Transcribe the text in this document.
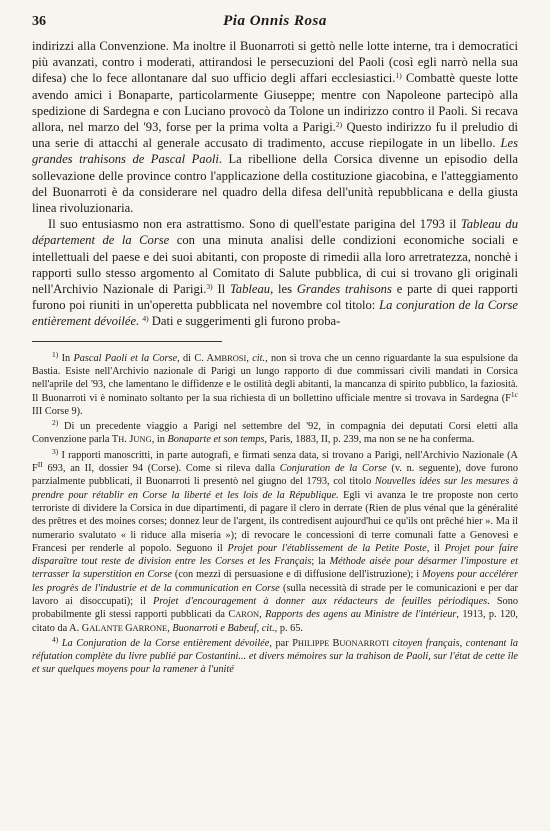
36	Pia Onnis Rosa

indirizzi alla Convenzione. Ma inoltre il Buonarroti si gettò nelle lotte interne, tra i democratici più avanzati, contro i moderati, attirandosi le persecuzioni del Paoli (così egli narrò nella sua difesa) che lo fece allontanare dal suo ufficio degli affari ecclesiastici.$^{1)}$ Combattè queste lotte avendo amici i Bonaparte, particolarmente Giuseppe; mentre con Napoleone partecipò alla spedizione di Sardegna e con Luciano provocò da Tolone un indirizzo contro il Paoli. Si recava allora, nel marzo del '93, forse per la prima volta a Parigi.$^{2)}$ Questo indirizzo fu il preludio di una serie di attacchi al generale accusato di tradimento, accuse riepilogate in un libello. Les grandes trahisons de Pascal Paoli. La ribellione della Corsica divenne un episodio della sollevazione delle province contro l'applicazione della costituzione giacobina, e l'atteggiamento del Buonarroti è da considerare nel quadro della difesa dell'unità repubblicana e della giusta linea rivoluzionaria.

Il suo entusiasmo non era astrattismo. Sono di quell'estate parigina del 1793 il Tableau du département de la Corse con una minuta analisi delle condizioni economiche sociali e intellettuali del paese e dei suoi abitanti, con proposte di rimedii alla loro arretratezza, nonchè i rapporti sullo stesso argomento al Comitato di Salute pubblica, di cui si trovano gli originali nell'Archivio Nazionale di Parigi.$^{3)}$ Il Tableau, les Grandes trahisons e parte di quei rapporti furono poi riuniti in un'operetta pubblicata nel novembre col titolo: La conjuration de la Corse entièrement dévoilée. $^{4)}$ Dati e suggerimenti gli furono proba-

$^{1)}$ In Pascal Paoli et la Corse, di C. AMBROSI, cit., non si trova che un cenno riguardante la sua espulsione da Bastia. Esiste nell'Archivio nazionale di Parigi un lungo rapporto di due commissari civili mandati in Corsica nell'aprile del '93, che lamentano le diffidenze e le ostilità degli abitanti, la mancanza di spirito pubblico, la faziosità. Il Buonarroti vi è nominato soltanto per la sua richiesta di un bollettino ufficiale mentre si trovava in Sardegna ($F^{1c}$ III Corse 9).

$^{2)}$ Di un precedente viaggio a Parigi nel settembre del '92, in compagnia dei deputati Corsi eletti alla Convenzione parla TH. JUNG, in Bonaparte et son temps, Paris, 1883, II, p. 239, ma non se ne ha conferma.

$^{3)}$ I rapporti manoscritti, in parte autografi, e firmati senza data, si trovano a Parigi, nell'Archivio Nazionale (A $F^{II}$ 693, an II, dossier 94 (Corse). Come si rileva dalla Conjuration de la Corse (v. n. seguente), dove furono parzialmente pubblicati, il Buonarroti li presentò nel giugno del 1793, col titolo Nouvelles idées sur les mesures à prendre pour rétablir en Corse la liberté et les lois de la République. Egli vi avanza le tre proposte non certo terroriste di dividere la Corsica in due dipartimenti, di pagare il clero in derrate (Rien de plus vénal que la généralité des prêtres et des moines corses; donnez leur de l'argent, ils contredisent aujourd'hui ce qu'ils ont prêché hier ». Ma il numerario svalutato « li riduce alla miseria »); di revocare le concessioni di terre comunali fatte a Genovesi e Francesi per renderle al popolo. Seguono il Projet pour l'établissement de la Petite Poste, il Projet pour faire disparaître tout reste de division entre les Corses et les Français; la Méthode aisée pour désarmer l'imposture et terrasser la superstition en Corse (con mezzi di persuasione e di diffusione dell'istruzione); i Moyens pour accélérer les progrès de l'industrie et de la communication en Corse (sulla necessità di strade per le comunicazioni e per dar lavoro ai disoccupati); il Projet d'encouragement à donner aux rédacteurs de feuilles périodiques. Sono probabilmente gli stessi rapporti pubblicati da CARON, Rapports des agens au Ministre de l'intérieur, 1913, p. 120, citato da A. GALANTE GARRONE, Buonarroti e Babeuf, cit., p. 65.

$^{4)}$ La Conjuration de la Corse entièrement dévoilée, par PHILIPPE BUONARROTI citoyen français, contenant la réfutation complète du livre publié par Costantini... et divers mémoires sur la trahison de Paoli, sur l'état de cette île et sur quelques moyens pour la ramener à l'unité
